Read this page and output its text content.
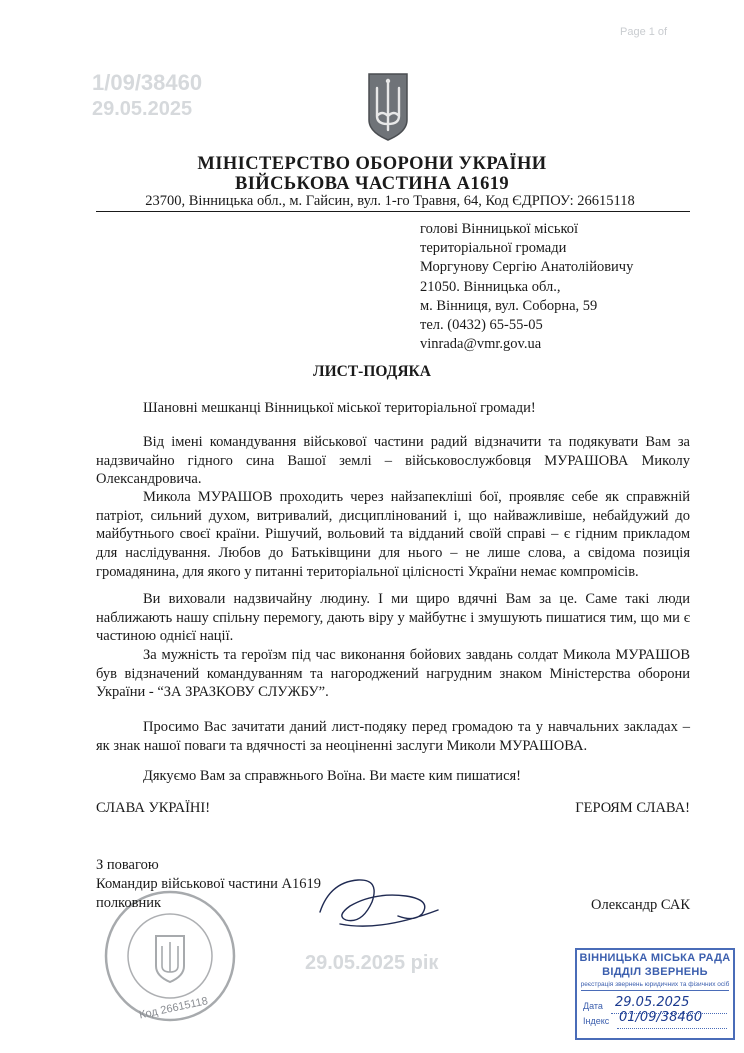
Page 1 of
1/09/38460
29.05.2025
29.05.2025 рік
МІНІСТЕРСТВО ОБОРОНИ УКРАЇНИ
ВІЙСЬКОВА ЧАСТИНА А1619
23700, Вінницька обл., м. Гайсин, вул. 1-го Травня, 64, Код ЄДРПОУ: 26615118
голові Вінницької міської
територіальної громади
Моргунову Сергію Анатолійовичу
21050. Вінницька обл.,
м. Вінниця, вул. Соборна, 59
тел. (0432) 65-55-05
vinrada@vmr.gov.ua
ЛИСТ-ПОДЯКА
Шановні мешканці Вінницької міської територіальної громади!
Від імені командування військової частини радий відзначити та подякувати Вам за надзвичайно гідного сина Вашої землі – військовослужбовця МУРАШОВА Миколу Олександровича.
Микола МУРАШОВ проходить через найзапекліші бої, проявляє себе як справжній патріот, сильний духом, витривалий, дисциплінований і, що найважливіше, небайдужий до майбутнього своєї країни. Рішучий, вольовий та відданий своїй справі – є гідним прикладом для наслідування. Любов до Батьківщини для нього – не лише слова, а свідома позиція громадянина, для якого у питанні територіальної цілісності України немає компромісів.
Ви виховали надзвичайну людину. І ми щиро вдячні Вам за це. Саме такі люди наближають нашу спільну перемогу, дають віру у майбутнє і змушують пишатися тим, що ми є частиною однієї нації.
За мужність та героїзм під час виконання бойових завдань солдат Микола МУРАШОВ був відзначений командуванням та нагороджений нагрудним знаком Міністерства оборони України - “ЗА ЗРАЗКОВУ СЛУЖБУ”.
Просимо Вас зачитати даний лист-подяку перед громадою та у навчальних закладах – як знак нашої поваги та вдячності за неоціненні заслуги Миколи МУРАШОВА.
Дякуємо Вам за справжнього Воїна. Ви маєте ким пишатися!
СЛАВА УКРАЇНІ!	ГЕРОЯМ СЛАВА!
Код 26615118
З повагою
Командир військової частини А1619
полковник	Олександр САК
ВІННИЦЬКА МІСЬКА РАДА
ВІДДІЛ ЗВЕРНЕНЬ
реєстрація звернень юридичних та фізичних осіб
Дата 29.05.2025
Індекс 01/09/38460
